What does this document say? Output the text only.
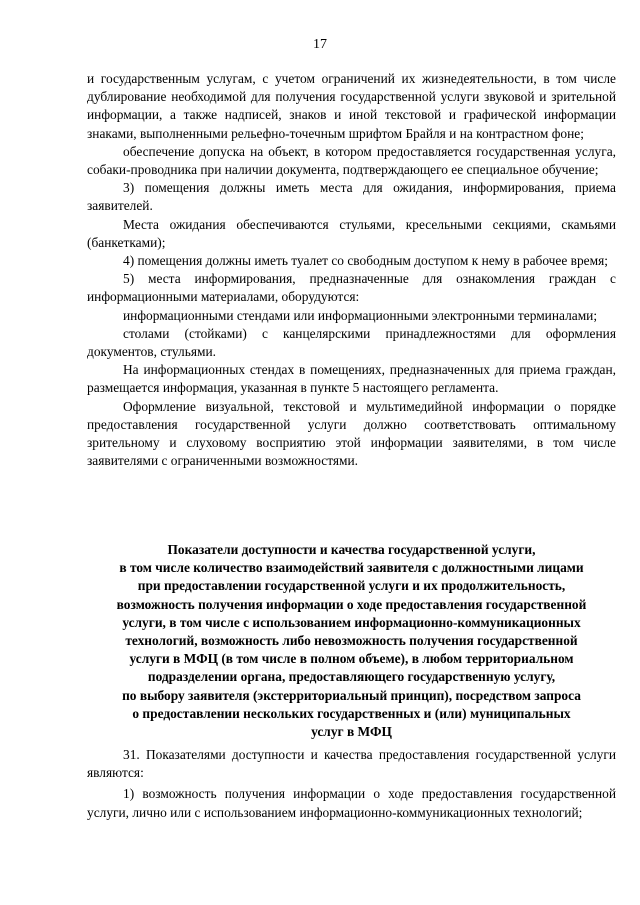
17

и государственным услугам, с учетом ограничений их жизнедеятельности, в том числе дублирование необходимой для получения государственной услуги звуковой и зрительной информации, а также надписей, знаков и иной текстовой и графической информации знаками, выполненными рельефно-точечным шрифтом Брайля и на контрастном фоне;

обеспечение допуска на объект, в котором предоставляется государственная услуга, собаки-проводника при наличии документа, подтверждающего ее специальное обучение;

3) помещения должны иметь места для ожидания, информирования, приема заявителей.

Места ожидания обеспечиваются стульями, кресельными секциями, скамьями (банкетками);

4) помещения должны иметь туалет со свободным доступом к нему в рабочее время;

5) места информирования, предназначенные для ознакомления граждан с информационными материалами, оборудуются:

информационными стендами или информационными электронными терминалами;

столами (стойками) с канцелярскими принадлежностями для оформления документов, стульями.

На информационных стендах в помещениях, предназначенных для приема граждан, размещается информация, указанная в пункте 5 настоящего регламента.

Оформление визуальной, текстовой и мультимедийной информации о порядке предоставления государственной услуги должно соответствовать оптимальному зрительному и слуховому восприятию этой информации заявителями, в том числе заявителями с ограниченными возможностями.

Показатели доступности и качества государственной услуги,
в том числе количество взаимодействий заявителя с должностными лицами
при предоставлении государственной услуги и их продолжительность,
возможность получения информации о ходе предоставления государственной
услуги, в том числе с использованием информационно-коммуникационных
технологий, возможность либо невозможность получения государственной
услуги в МФЦ (в том числе в полном объеме), в любом территориальном
подразделении органа, предоставляющего государственную услугу,
по выбору заявителя (экстерриториальный принцип), посредством запроса
о предоставлении нескольких государственных и (или) муниципальных
услуг в МФЦ

31. Показателями доступности и качества предоставления государственной услуги являются:

1) возможность получения информации о ходе предоставления государственной услуги, лично или с использованием информационно-коммуникационных технологий;
